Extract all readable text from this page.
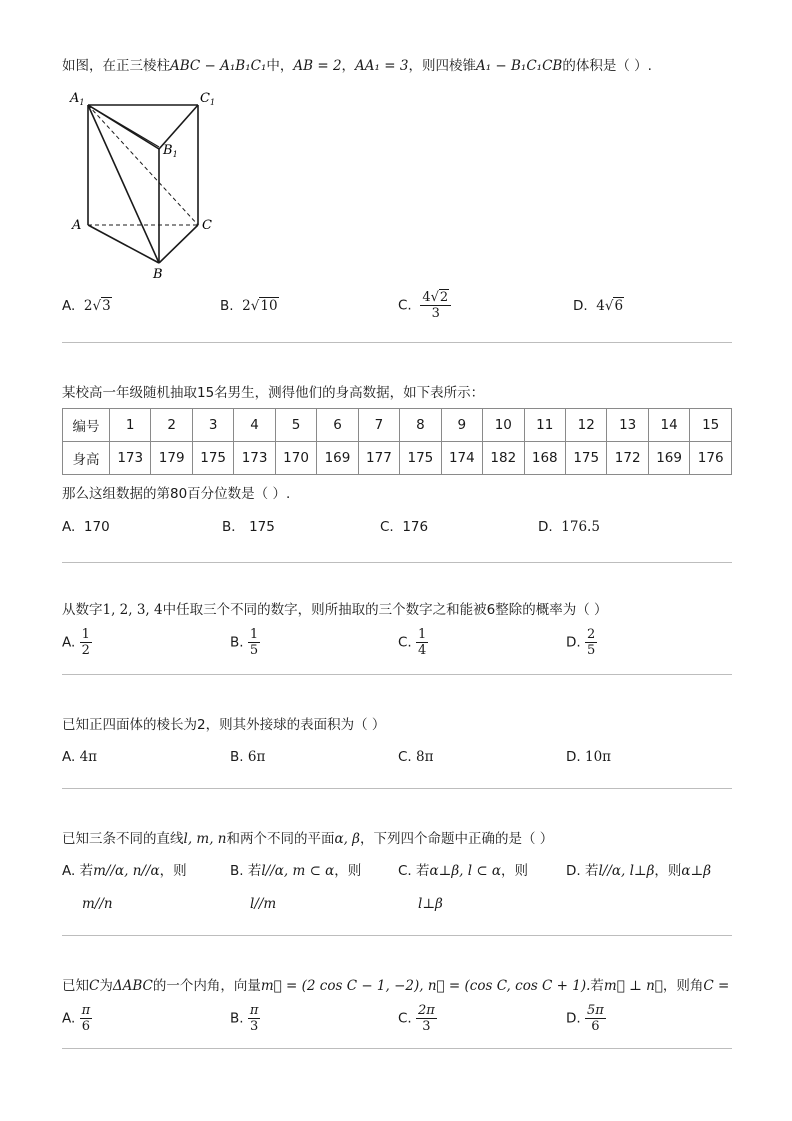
如图，在正三棱柱ABC − A₁B₁C₁中，AB = 2，AA₁ = 3，则四棱锥A₁ − B₁C₁CB的体积是（ ）.
$A_1$	$C_1$
$B_1$
A	C
B
A. 2√3	B. 2√10	C. $\frac{4√2}{3}$	D. 4√6
某校高一年级随机抽取15名男生，测得他们的身高数据，如下表所示：
编号	1	2	3	4	5	6	7	8	9	10	11	12	13	14	15
身高	173	179	175	173	170	169	177	175	174	182	168	175	172	169	176
那么这组数据的第80百分位数是（ ）.
A. 170	B． 175	C. 176	D. 176.5
从数字1, 2, 3, 4中任取三个不同的数字，则所抽取的三个数字之和能被6整除的概率为（ ）
A. $\frac{1}{2}$	B. $\frac{1}{5}$	C. $\frac{1}{4}$	D. $\frac{2}{5}$
已知正四面体的棱长为2，则其外接球的表面积为（ ）
A. 4π	B. 6π	C. 8π	D. 10π
已知三条不同的直线l, m, n和两个不同的平面α, β，下列四个命题中正确的是（ ）
A. 若m//α, n//α，则
m//n
B. 若l//α, m ⊂ α，则
l//m
C. 若α⊥β, l ⊂ α，则
l⊥β
D. 若l//α, l⊥β，则α⊥β
已知C为ΔABC的一个内角，向量m⃗ = (2 cos C − 1, −2), n⃗ = (cos C, cos C + 1).若m⃗ ⊥ n⃗，则角C =
A. $\frac{\pi}{6}$	B. $\frac{\pi}{3}$	C. $\frac{2\pi}{3}$	D. $\frac{5\pi}{6}$
